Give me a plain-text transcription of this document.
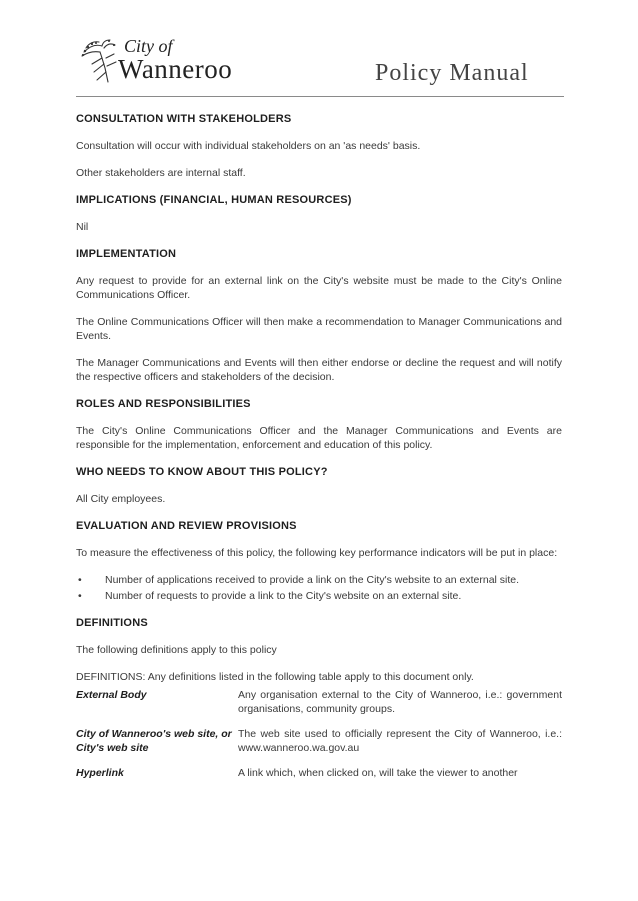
City of
Wanneroo	Policy Manual
CONSULTATION WITH STAKEHOLDERS

Consultation will occur with individual stakeholders on an 'as needs' basis.

Other stakeholders are internal staff.

IMPLICATIONS (FINANCIAL, HUMAN RESOURCES)

Nil

IMPLEMENTATION

Any request to provide for an external link on the City's website must be made to the City's Online Communications Officer.

The Online Communications Officer will then make a recommendation to Manager Communications and Events.

The Manager Communications and Events will then either endorse or decline the request and will notify the respective officers and stakeholders of the decision.

ROLES AND RESPONSIBILITIES

The City's Online Communications Officer and the Manager Communications and Events are responsible for the implementation, enforcement and education of this policy.

WHO NEEDS TO KNOW ABOUT THIS POLICY?

All City employees.

EVALUATION AND REVIEW PROVISIONS

To measure the effectiveness of this policy, the following key performance indicators will be put in place:

• Number of applications received to provide a link on the City's website to an external site.
• Number of requests to provide a link to the City's website on an external site.
DEFINITIONS

The following definitions apply to this policy

DEFINITIONS: Any definitions listed in the following table apply to this document only.

External Body	Any organisation external to the City of Wanneroo, i.e.: government organisations, community groups.
City of Wanneroo's web site, or City's web site	The web site used to officially represent the City of Wanneroo, i.e.: www.wanneroo.wa.gov.au
Hyperlink	A link which, when clicked on, will take the viewer to another
